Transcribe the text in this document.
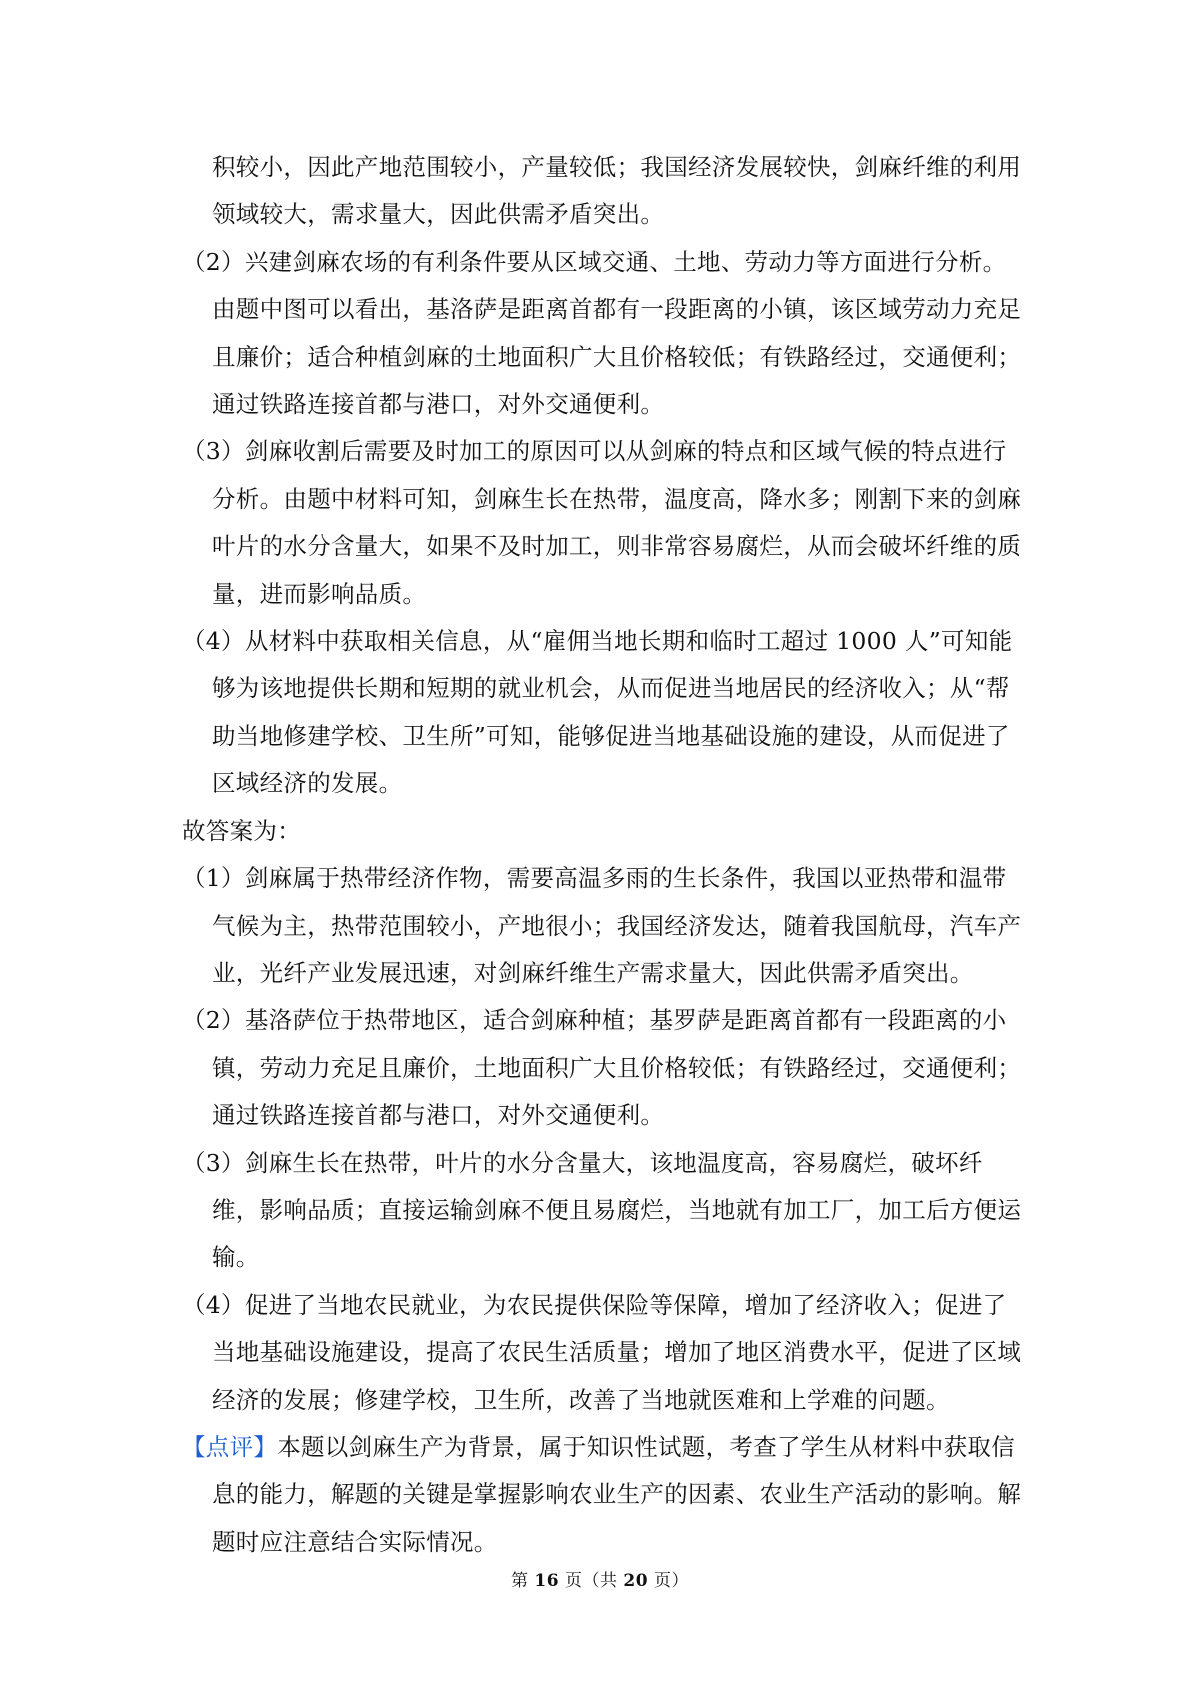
积较小，因此产地范围较小，产量较低；我国经济发展较快，剑麻纤维的利用领域较大，需求量大，因此供需矛盾突出。

（2）兴建剑麻农场的有利条件要从区域交通、土地、劳动力等方面进行分析。由题中图可以看出，基洛萨是距离首都有一段距离的小镇，该区域劳动力充足且廉价；适合种植剑麻的土地面积广大且价格较低；有铁路经过，交通便利；通过铁路连接首都与港口，对外交通便利。

（3）剑麻收割后需要及时加工的原因可以从剑麻的特点和区域气候的特点进行分析。由题中材料可知，剑麻生长在热带，温度高，降水多；刚割下来的剑麻叶片的水分含量大，如果不及时加工，则非常容易腐烂，从而会破坏纤维的质量，进而影响品质。

（4）从材料中获取相关信息，从“雇佣当地长期和临时工超过 1000 人”可知能够为该地提供长期和短期的就业机会，从而促进当地居民的经济收入；从“帮助当地修建学校、卫生所”可知，能够促进当地基础设施的建设，从而促进了区域经济的发展。

故答案为：

（1）剑麻属于热带经济作物，需要高温多雨的生长条件，我国以亚热带和温带气候为主，热带范围较小，产地很小；我国经济发达，随着我国航母，汽车产业，光纤产业发展迅速，对剑麻纤维生产需求量大，因此供需矛盾突出。

（2）基洛萨位于热带地区，适合剑麻种植；基罗萨是距离首都有一段距离的小镇，劳动力充足且廉价，土地面积广大且价格较低；有铁路经过，交通便利；通过铁路连接首都与港口，对外交通便利。

（3）剑麻生长在热带，叶片的水分含量大，该地温度高，容易腐烂，破坏纤维，影响品质；直接运输剑麻不便且易腐烂，当地就有加工厂，加工后方便运输。

（4）促进了当地农民就业，为农民提供保险等保障，增加了经济收入；促进了当地基础设施建设，提高了农民生活质量；增加了地区消费水平，促进了区域经济的发展；修建学校，卫生所，改善了当地就医难和上学难的问题。

【点评】本题以剑麻生产为背景，属于知识性试题，考查了学生从材料中获取信息的能力，解题的关键是掌握影响农业生产的因素、农业生产活动的影响。解题时应注意结合实际情况。

第 16 页（共 20 页）
